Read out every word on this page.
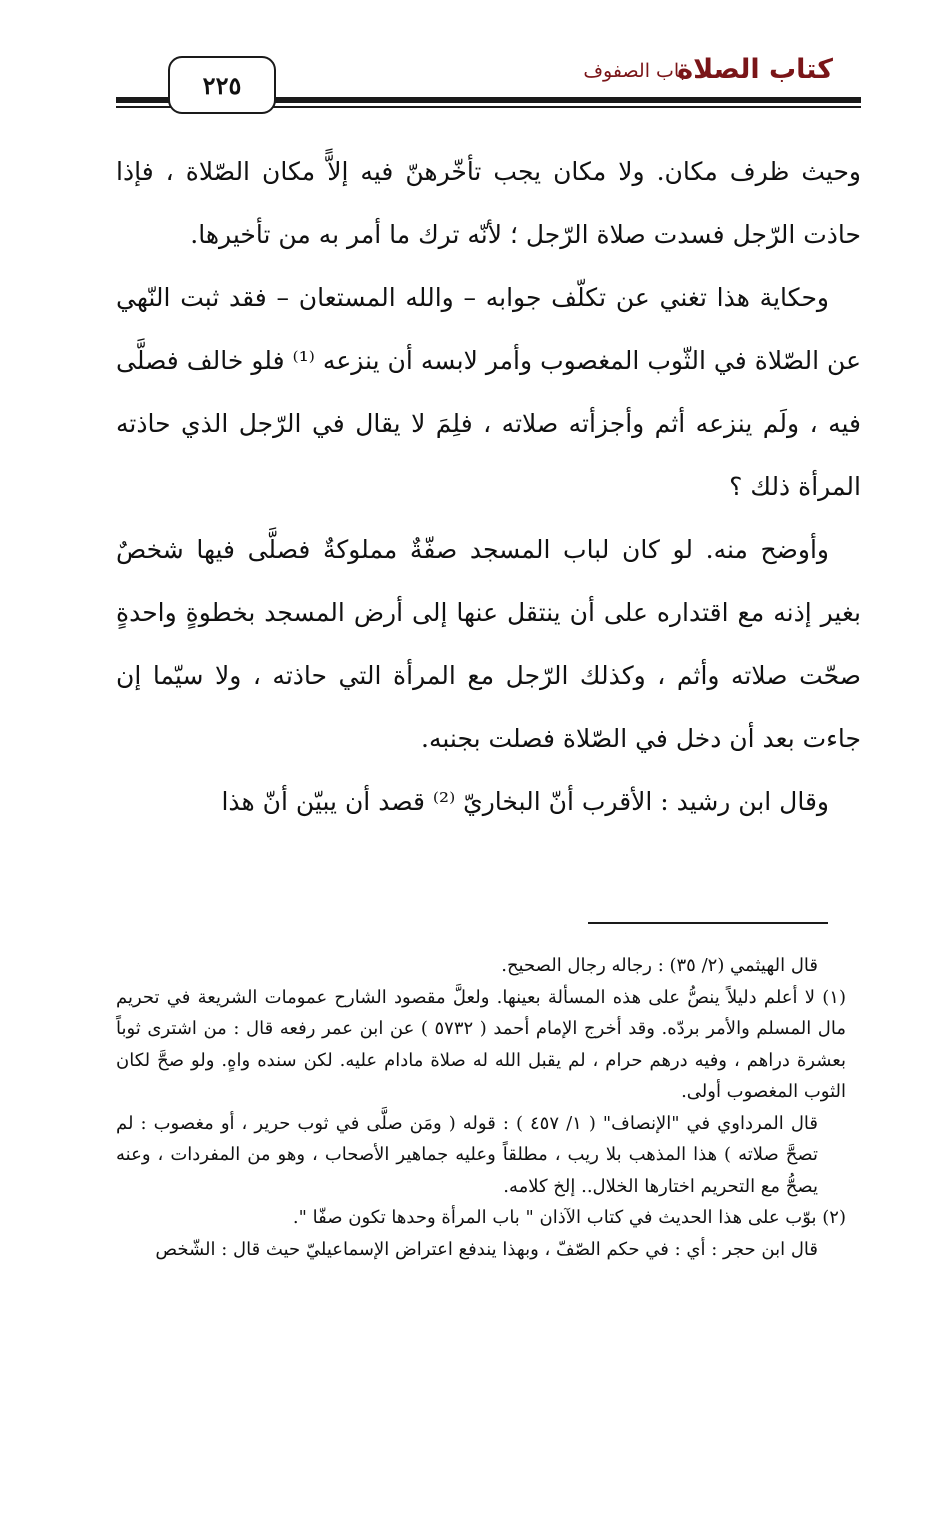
كتاب الصلاة
باب الصفوف
٢٢٥

وحيث ظرف مكان. ولا مكان يجب تأخّرهنّ فيه إلاًّ مكان الصّلاة ، فإذا حاذت الرّجل فسدت صلاة الرّجل ؛ لأنّه ترك ما أمر به من تأخيرها.

وحكاية هذا تغني عن تكلّف جوابه – والله المستعان – فقد ثبت النّهي عن الصّلاة في الثّوب المغصوب وأمر لابسه أن ينزعه ⁽¹⁾ فلو خالف فصلَّى فيه ، ولَم ينزعه أثم وأجزأته صلاته ، فلِمَ لا يقال في الرّجل الذي حاذته المرأة ذلك ؟

وأوضح منه. لو كان لباب المسجد صفّةٌ مملوكةٌ فصلَّى فيها شخصٌ بغير إذنه مع اقتداره على أن ينتقل عنها إلى أرض المسجد بخطوةٍ واحدةٍ صحّت صلاته وأثم ، وكذلك الرّجل مع المرأة التي حاذته ، ولا سيّما إن جاءت بعد أن دخل في الصّلاة فصلت بجنبه.

وقال ابن رشيد : الأقرب أنّ البخاريّ ⁽²⁾ قصد أن يبيّن أنّ هذا

قال الهيثمي (٢/ ٣٥) : رجاله رجال الصحيح.

(١) لا أعلم دليلاً ينصُّ على هذه المسألة بعينها. ولعلَّ مقصود الشارح عمومات الشريعة في تحريم مال المسلم والأمر بردّه. وقد أخرج الإمام أحمد ( ٥٧٣٢ ) عن ابن عمر رفعه قال : من اشترى ثوباً بعشرة دراهم ، وفيه درهم حرام ، لم يقبل الله له صلاة مادام عليه. لكن سنده واهٍ. ولو صحَّ لكان الثوب المغصوب أولى.

قال المرداوي في "الإنصاف" ( ١/ ٤٥٧ ) : قوله ( ومَن صلَّى في ثوب حرير ، أو مغصوب : لم تصحَّ صلاته ) هذا المذهب بلا ريب ، مطلقاً وعليه جماهير الأصحاب ، وهو من المفردات ، وعنه يصحُّ مع التحريم اختارها الخلال.. إلخ كلامه.

(٢) بوّب على هذا الحديث في كتاب الآذان " باب المرأة وحدها تكون صفّا ".

قال ابن حجر : أي : في حكم الصّفّ ، وبهذا يندفع اعتراض الإسماعيليّ حيث قال : الشّخص
